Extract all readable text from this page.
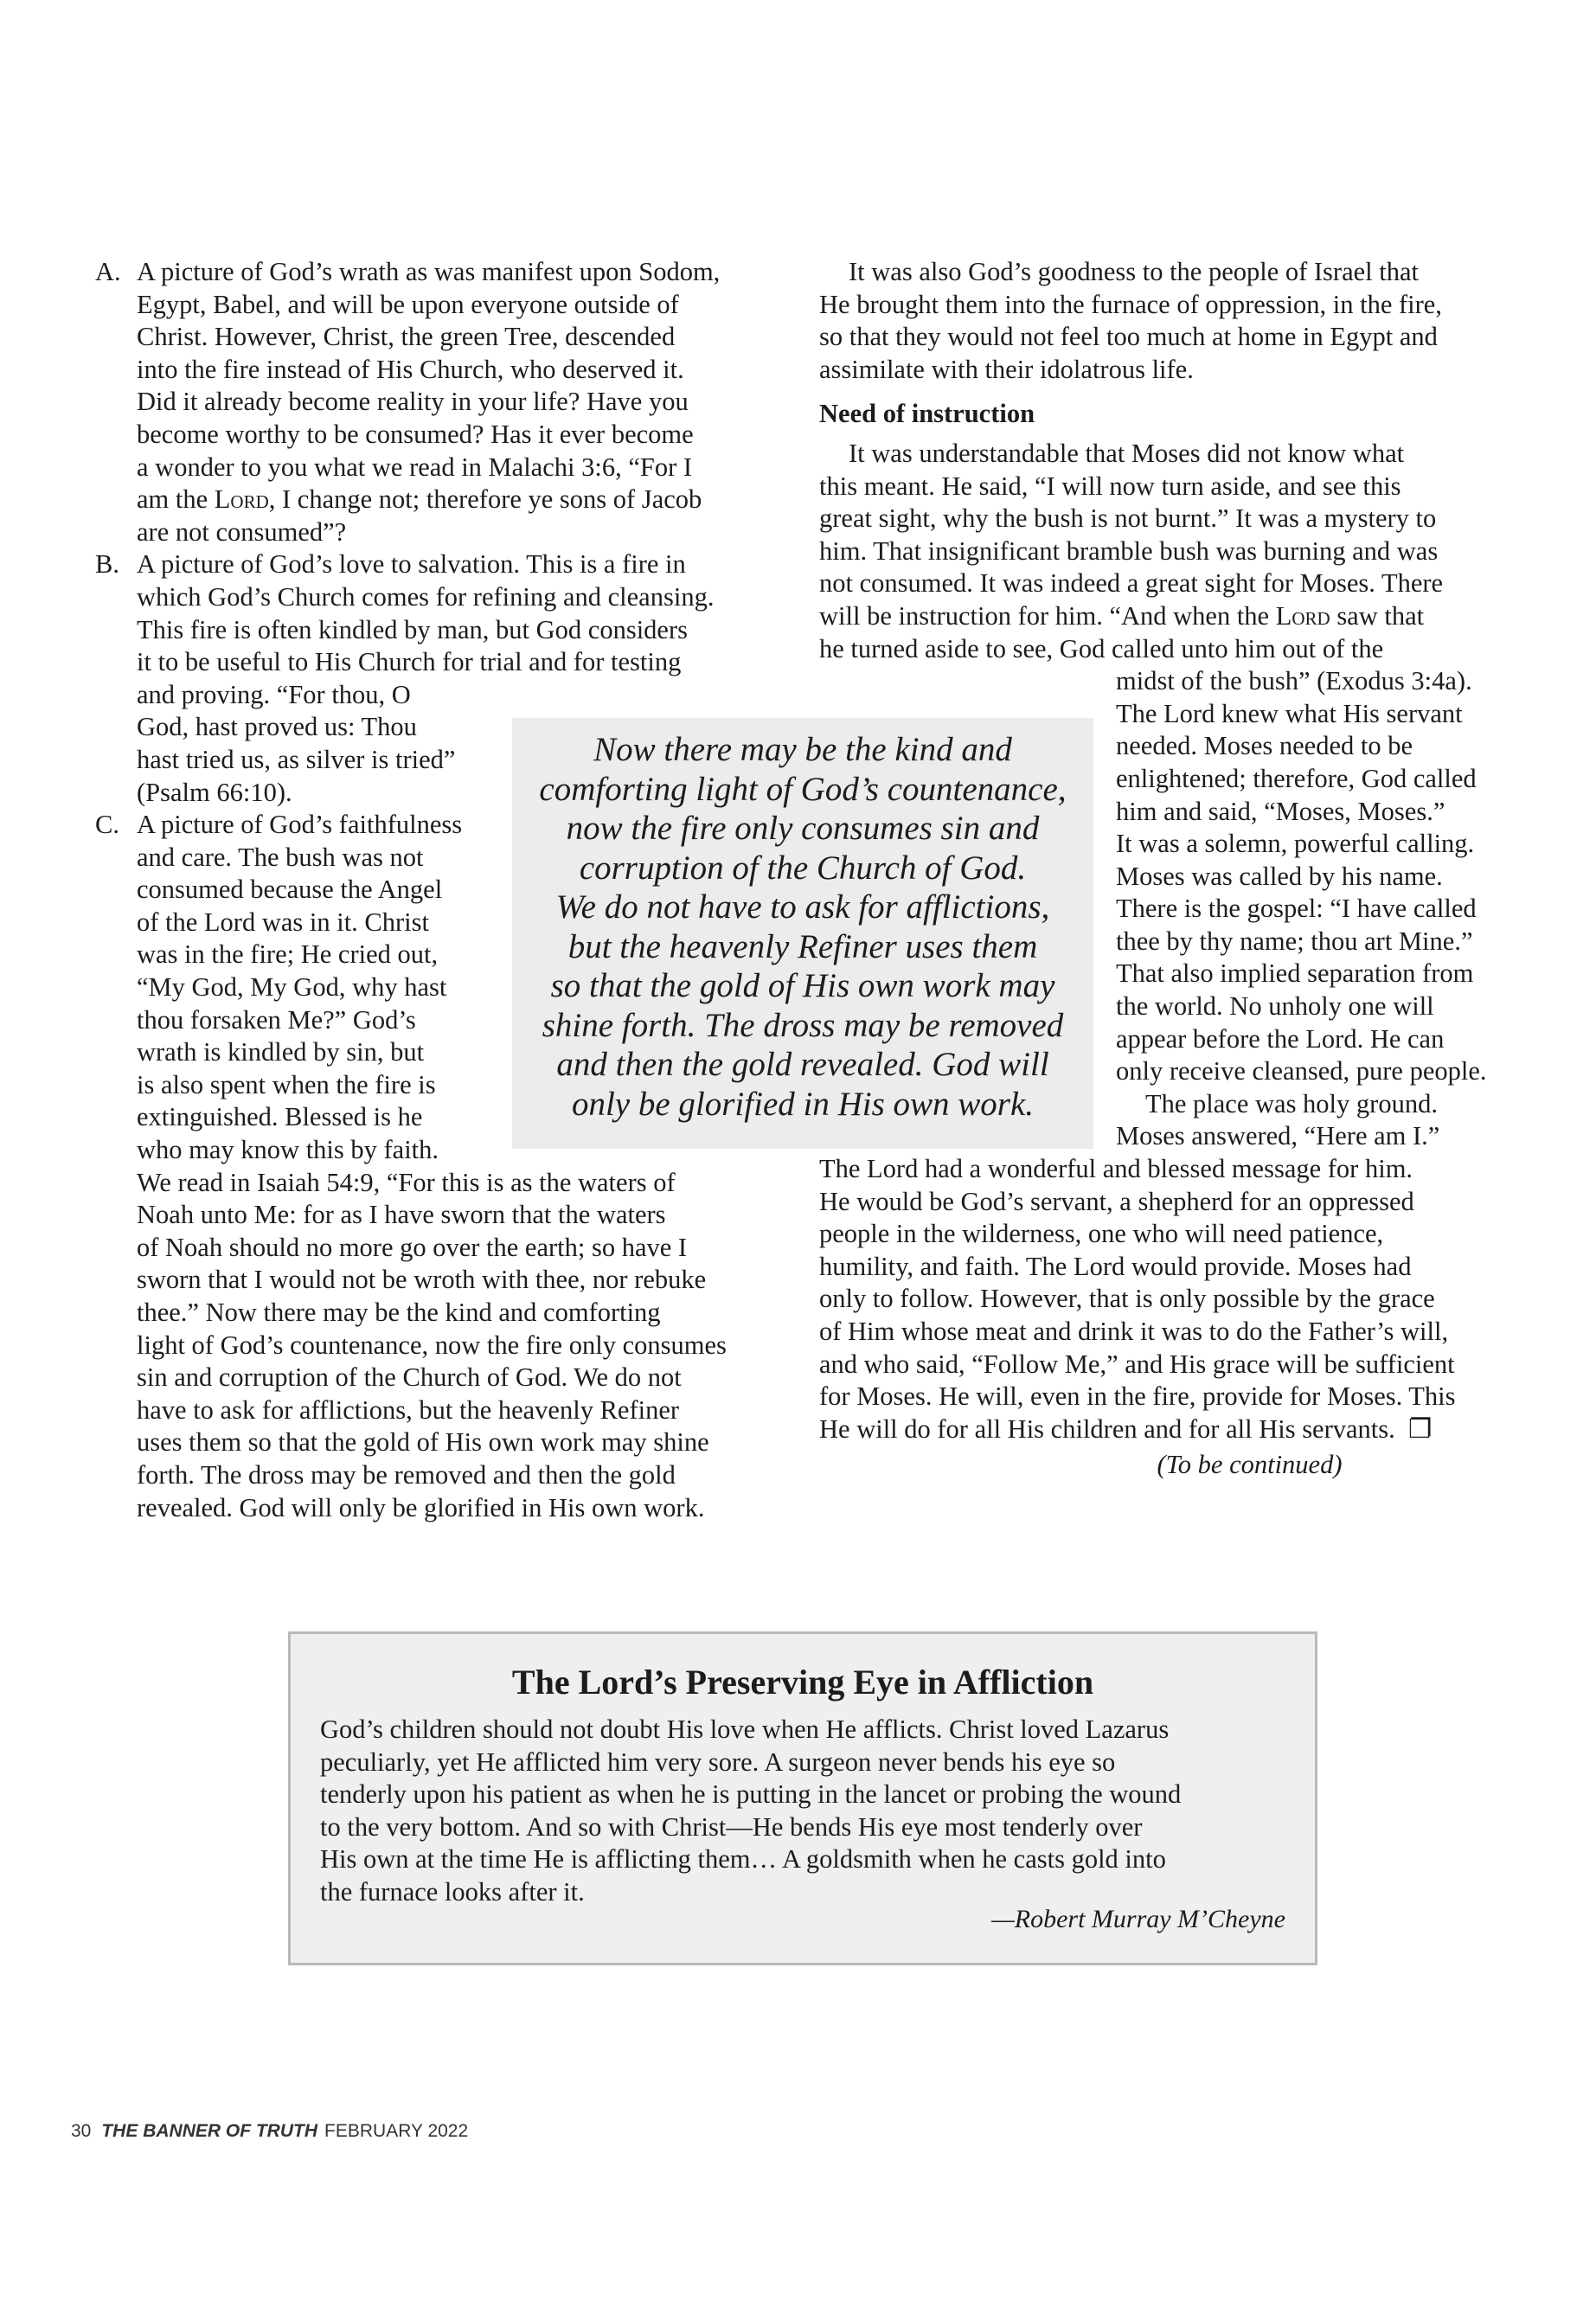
A. A picture of God’s wrath as was manifest upon Sodom,
Egypt, Babel, and will be upon everyone outside of
Christ. However, Christ, the green Tree, descended
into the fire instead of His Church, who deserved it.
Did it already become reality in your life? Have you
become worthy to be consumed? Has it ever become
a wonder to you what we read in Malachi 3:6, “For I
am the Lord, I change not; therefore ye sons of Jacob
are not consumed”?
B. A picture of God’s love to salvation. This is a fire in
which God’s Church comes for refining and cleansing.
This fire is often kindled by man, but God considers
it to be useful to His Church for trial and for testing
and proving. “For thou, O
God, hast proved us: Thou
hast tried us, as silver is tried”
(Psalm 66:10).
C. A picture of God’s faithfulness
and care. The bush was not
consumed because the Angel
of the Lord was in it. Christ
was in the fire; He cried out,
“My God, My God, why hast
thou forsaken Me?” God’s
wrath is kindled by sin, but
is also spent when the fire is
extinguished. Blessed is he
who may know this by faith.
We read in Isaiah 54:9, “For this is as the waters of
Noah unto Me: for as I have sworn that the waters
of Noah should no more go over the earth; so have I
sworn that I would not be wroth with thee, nor rebuke
thee.” Now there may be the kind and comforting
light of God’s countenance, now the fire only consumes
sin and corruption of the Church of God. We do not
have to ask for afflictions, but the heavenly Refiner
uses them so that the gold of His own work may shine
forth. The dross may be removed and then the gold
revealed. God will only be glorified in His own work.
It was also God’s goodness to the people of Israel that
He brought them into the furnace of oppression, in the fire,
so that they would not feel too much at home in Egypt and
assimilate with their idolatrous life.
Need of instruction
It was understandable that Moses did not know what
this meant. He said, “I will now turn aside, and see this
great sight, why the bush is not burnt.” It was a mystery to
him. That insignificant bramble bush was burning and was
not consumed. It was indeed a great sight for Moses. There
will be instruction for him. “And when the Lord saw that
he turned aside to see, God called unto him out of the
midst of the bush” (Exodus 3:4a).
The Lord knew what His servant
needed. Moses needed to be
enlightened; therefore, God called
him and said, “Moses, Moses.”
It was a solemn, powerful calling.
Moses was called by his name.
There is the gospel: “I have called
thee by thy name; thou art Mine.”
That also implied separation from
the world. No unholy one will
appear before the Lord. He can
only receive cleansed, pure people.
The place was holy ground.
Moses answered, “Here am I.”
The Lord had a wonderful and blessed message for him.
He would be God’s servant, a shepherd for an oppressed
people in the wilderness, one who will need patience,
humility, and faith. The Lord would provide. Moses had
only to follow. However, that is only possible by the grace
of Him whose meat and drink it was to do the Father’s will,
and who said, “Follow Me,” and His grace will be sufficient
for Moses. He will, even in the fire, provide for Moses. This
He will do for all His children and for all His servants. ❐
(To be continued)
Now there may be the kind and
comforting light of God’s countenance,
now the fire only consumes sin and
corruption of the Church of God.
We do not have to ask for afflictions,
but the heavenly Refiner uses them
so that the gold of His own work may
shine forth. The dross may be removed
and then the gold revealed. God will
only be glorified in His own work.
The Lord’s Preserving Eye in Affliction
God’s children should not doubt His love when He afflicts. Christ loved Lazarus
peculiarly, yet He afflicted him very sore. A surgeon never bends his eye so
tenderly upon his patient as when he is putting in the lancet or probing the wound
to the very bottom. And so with Christ—He bends His eye most tenderly over
His own at the time He is afflicting them… A goldsmith when he casts gold into
the furnace looks after it.
—Robert Murray M’Cheyne
30 THE BANNER OF TRUTH FEBRUARY 2022
